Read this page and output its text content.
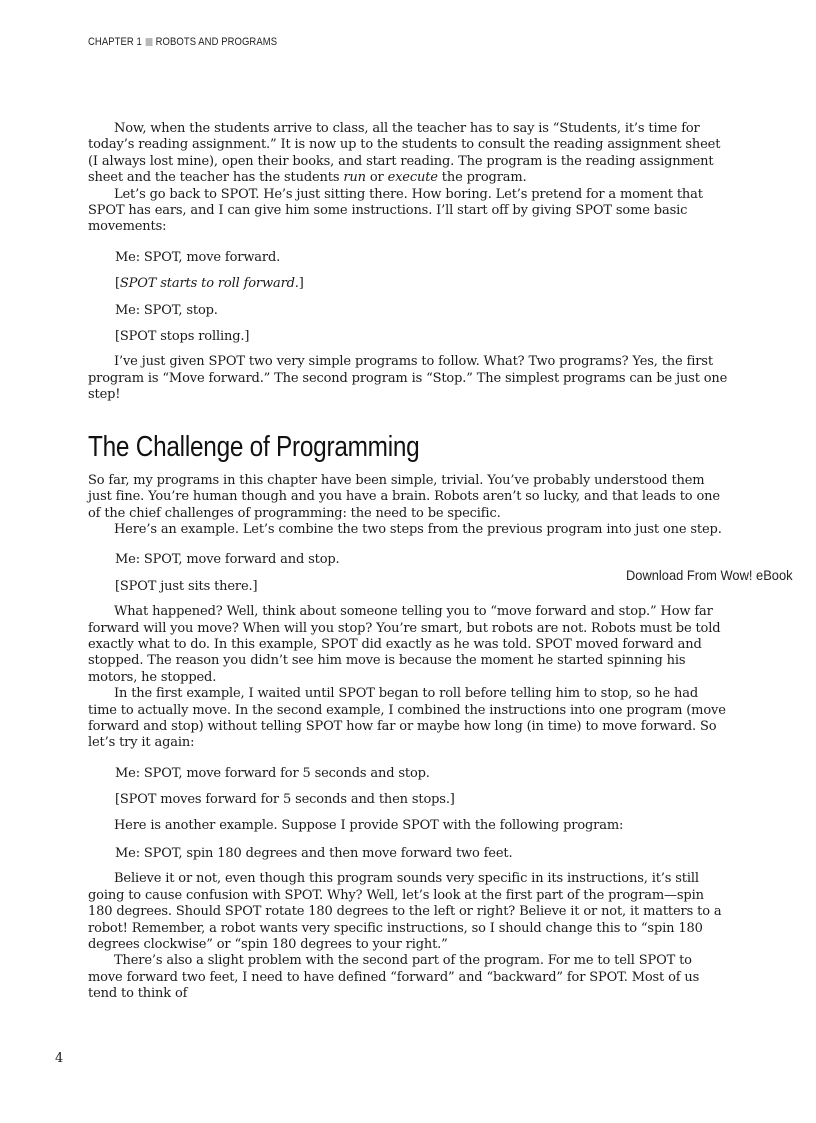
CHAPTER 1 ROBOTS AND PROGRAMS

Now, when the students arrive to class, all the teacher has to say is “Students, it’s time for today’s reading assignment.” It is now up to the students to consult the reading assignment sheet (I always lost mine), open their books, and start reading. The program is the reading assignment sheet and the teacher has the students run or execute the program.

Let’s go back to SPOT. He’s just sitting there. How boring. Let’s pretend for a moment that SPOT has ears, and I can give him some instructions. I’ll start off by giving SPOT some basic movements:

Me: SPOT, move forward.

[SPOT starts to roll forward.]

Me: SPOT, stop.

[SPOT stops rolling.]

I’ve just given SPOT two very simple programs to follow. What? Two programs? Yes, the first program is “Move forward.” The second program is “Stop.” The simplest programs can be just one step!

The Challenge of Programming

So far, my programs in this chapter have been simple, trivial. You’ve probably understood them just fine. You’re human though and you have a brain. Robots aren’t so lucky, and that leads to one of the chief challenges of programming: the need to be specific.

Here’s an example. Let’s combine the two steps from the previous program into just one step.

Me: SPOT, move forward and stop.

[SPOT just sits there.]

What happened? Well, think about someone telling you to “move forward and stop.” How far forward will you move? When will you stop? You’re smart, but robots are not. Robots must be told exactly what to do. In this example, SPOT did exactly as he was told. SPOT moved forward and stopped. The reason you didn’t see him move is because the moment he started spinning his motors, he stopped.

In the first example, I waited until SPOT began to roll before telling him to stop, so he had time to actually move. In the second example, I combined the instructions into one program (move forward and stop) without telling SPOT how far or maybe how long (in time) to move forward. So let’s try it again:

Me: SPOT, move forward for 5 seconds and stop.

[SPOT moves forward for 5 seconds and then stops.]

Here is another example. Suppose I provide SPOT with the following program:

Me: SPOT, spin 180 degrees and then move forward two feet.

Believe it or not, even though this program sounds very specific in its instructions, it’s still going to cause confusion with SPOT. Why? Well, let’s look at the first part of the program—spin 180 degrees. Should SPOT rotate 180 degrees to the left or right? Believe it or not, it matters to a robot! Remember, a robot wants very specific instructions, so I should change this to “spin 180 degrees clockwise” or “spin 180 degrees to your right.”

There’s also a slight problem with the second part of the program. For me to tell SPOT to move forward two feet, I need to have defined “forward” and “backward” for SPOT. Most of us tend to think of

Download From Wow! eBook
4
